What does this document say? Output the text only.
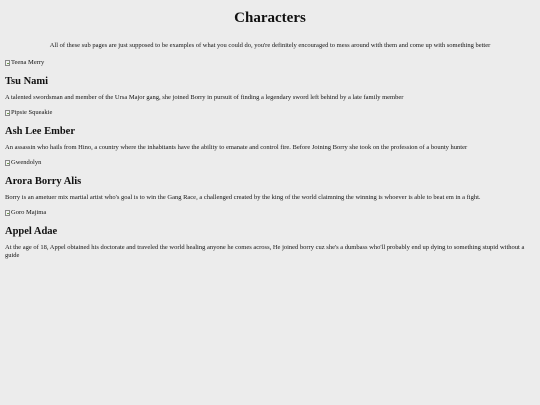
Characters

All of these sub pages are just supposed to be examples of what you could do, you're definitely encouraged to mess around with them and come up with something better

Teena Merry
Tsu Nami

A talented swordsman and member of the Ursa Major gang, she joined Borry in pursuit of finding a legendary sword left behind by a late family member

Pipsie Squeakie
Ash Lee Ember

An assassin who hails from Hino, a country where the inhabitants have the ability to emanate and control fire. Before Joining Borry she took on the profession of a bounty hunter

Gwendolyn
Arora Borry Alis

Borry is an ametuer mix martial artist who's goal is to win the Gang Race, a challenged created by the king of the world claimning the winning is whoever is able to beat em in a fight.

Goro Majima
Appel Adae

At the age of 18, Appel obtained his doctorate and traveled the world healing anyone he comes across, He joined borry cuz she's a dumbass who'll probably end up dying to something stupid without a guide
